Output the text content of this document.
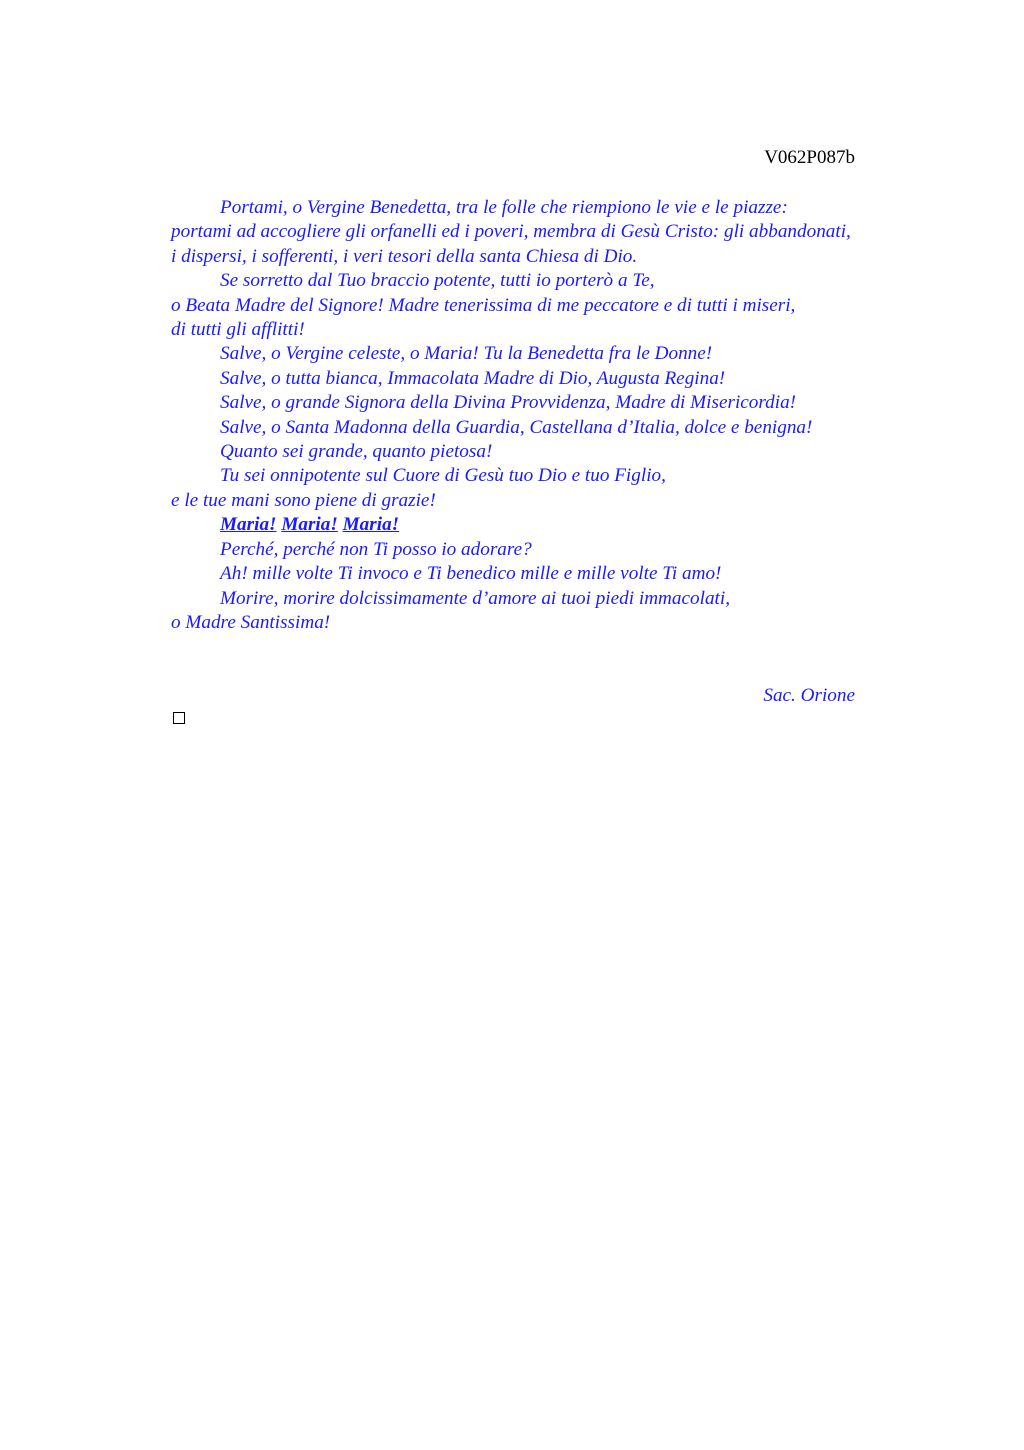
V062P087b
Portami, o Vergine Benedetta, tra le folle che riempiono le vie e le piazze:
portami ad accogliere gli orfanelli ed i poveri, membra di Gesù Cristo: gli abbandonati,
i dispersi, i sofferenti, i veri tesori della santa Chiesa di Dio.
Se sorretto dal Tuo braccio potente, tutti io porterò a Te,
o Beata Madre del Signore! Madre tenerissima di me peccatore e di tutti i miseri,
di tutti gli afflitti!
Salve, o Vergine celeste, o Maria! Tu la Benedetta fra le Donne!
Salve, o tutta bianca, Immacolata Madre di Dio, Augusta Regina!
Salve, o grande Signora della Divina Provvidenza, Madre di Misericordia!
Salve, o Santa Madonna della Guardia, Castellana d’Italia, dolce e benigna!
Quanto sei grande, quanto pietosa!
Tu sei onnipotente sul Cuore di Gesù tuo Dio e tuo Figlio,
e le tue mani sono piene di grazie!
Maria! Maria! Maria!
Perché, perché non Ti posso io adorare?
Ah! mille volte Ti invoco e Ti benedico mille e mille volte Ti amo!
Morire, morire dolcissimamente d’amore ai tuoi piedi immacolati,
o Madre Santissima!
Sac. Orione
